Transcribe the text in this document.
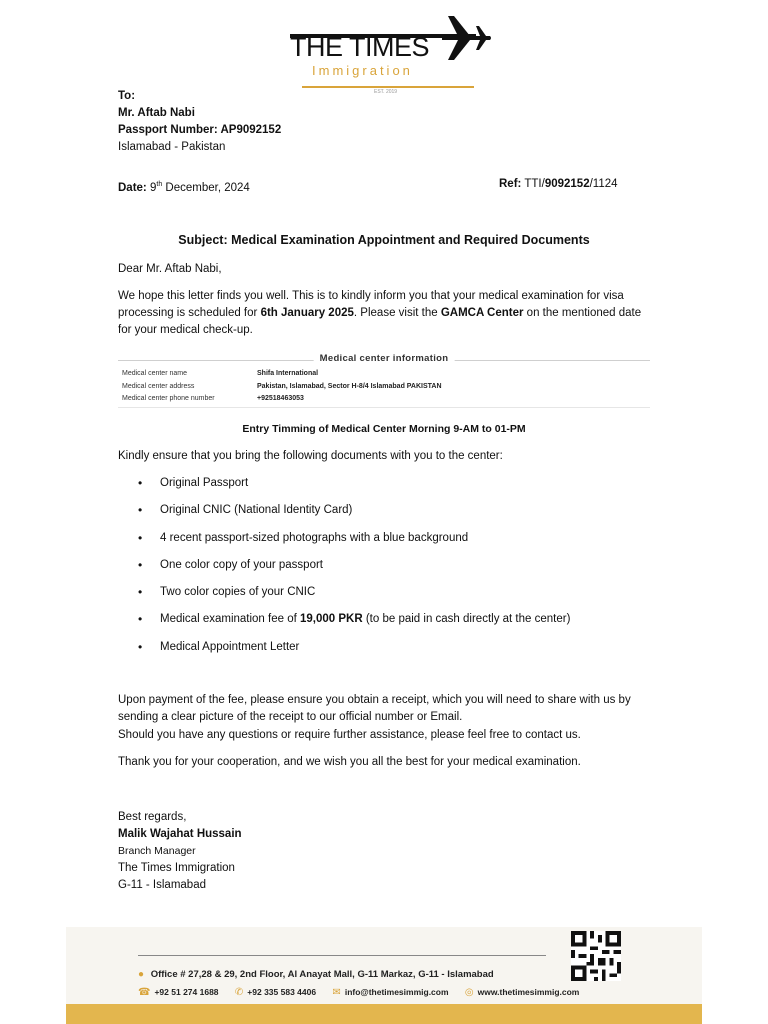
THE TIMES
Immigration
EST. 2019
To:
Mr. Aftab Nabi
Passport Number: AP9092152
Islamabad - Pakistan
Date: 9th December, 2024	Ref: TTI/9092152/1124
Subject: Medical Examination Appointment and Required Documents
Dear Mr. Aftab Nabi,
We hope this letter finds you well. This is to kindly inform you that your medical examination for visa processing is scheduled for 6th January 2025. Please visit the GAMCA Center on the mentioned date for your medical check-up.
Medical center information
Medical center name	Shifa International
Medical center address	Pakistan, Islamabad, Sector H-8/4 Islamabad PAKISTAN
Medical center phone number	+92518463053
Entry Timming of Medical Center Morning 9-AM to 01-PM
Kindly ensure that you bring the following documents with you to the center:
• Original Passport
• Original CNIC (National Identity Card)
• 4 recent passport-sized photographs with a blue background
• One color copy of your passport
• Two color copies of your CNIC
• Medical examination fee of 19,000 PKR (to be paid in cash directly at the center)
• Medical Appointment Letter
Upon payment of the fee, please ensure you obtain a receipt, which you will need to share with us by sending a clear picture of the receipt to our official number or Email.
Should you have any questions or require further assistance, please feel free to contact us.
Thank you for your cooperation, and we wish you all the best for your medical examination.
Best regards,
Malik Wajahat Hussain
Branch Manager
The Times Immigration
G-11 - Islamabad
● Office # 27,28 & 29, 2nd Floor, Al Anayat Mall, G-11 Markaz, G-11 - Islamabad
☎ +92 51 274 1688 ✆ +92 335 583 4406 ✉ info@thetimesimmig.com ◎ www.thetimesimmig.com
